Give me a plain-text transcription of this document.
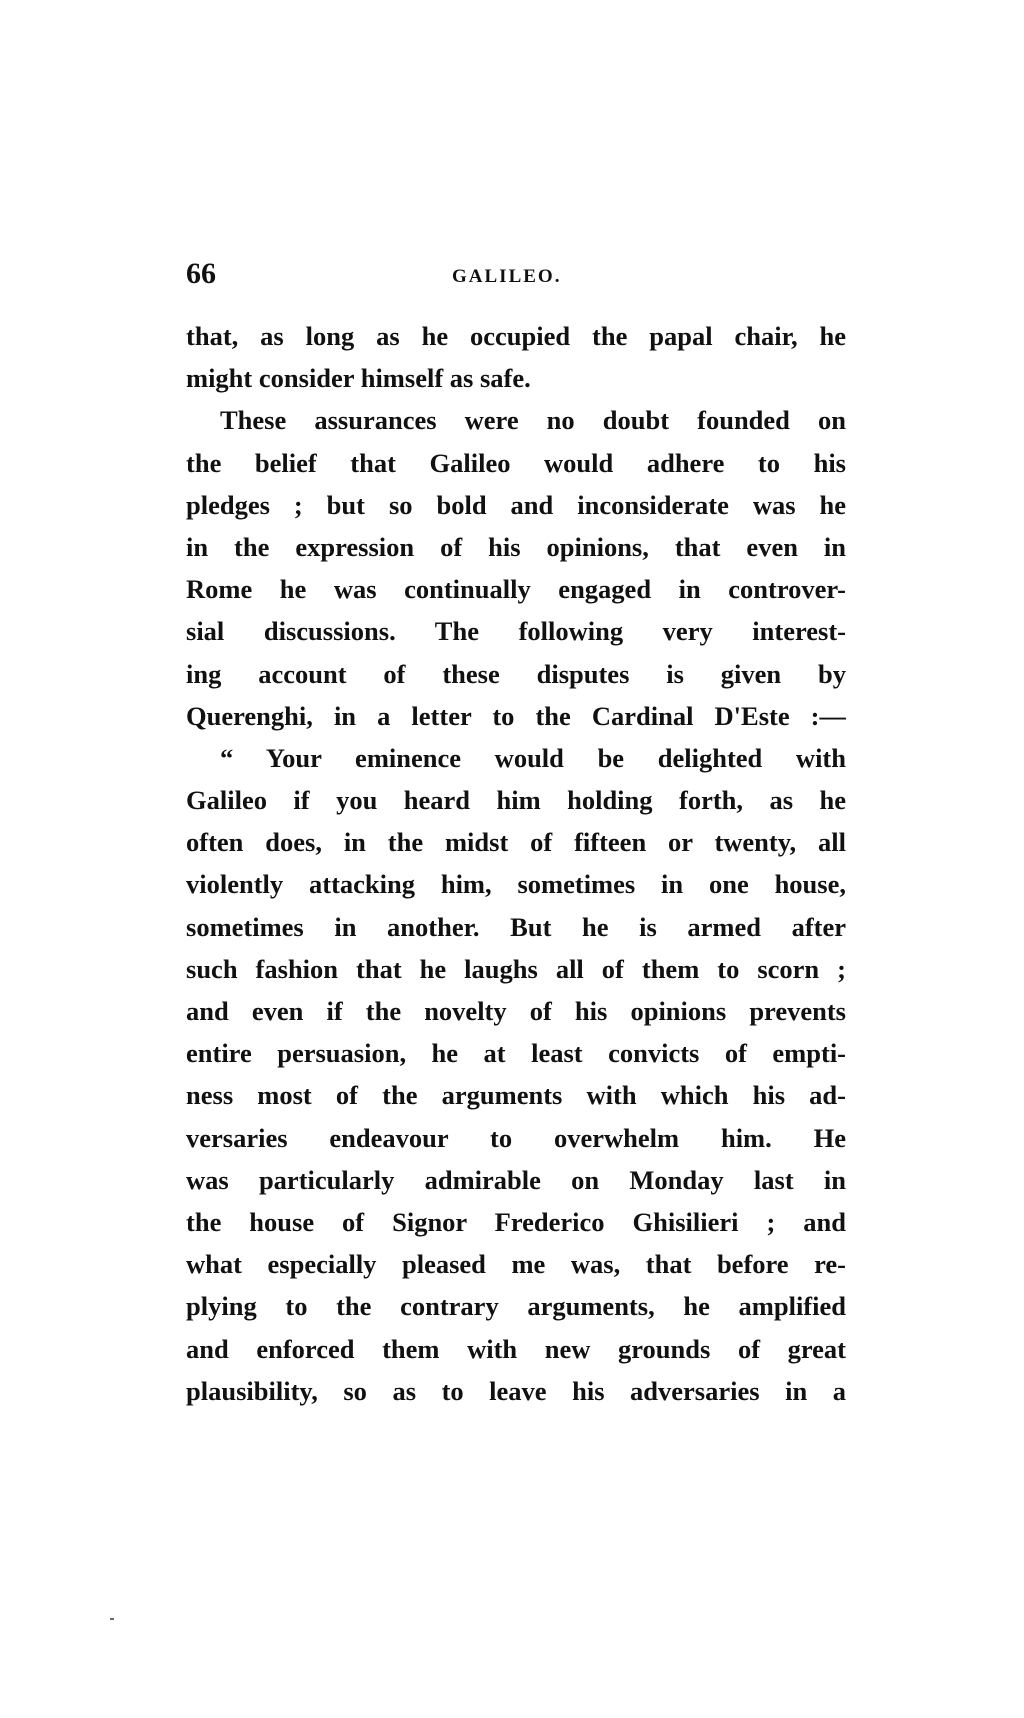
66	GALILEO.
that, as long as he occupied the papal chair, he
might consider himself as safe.
These assurances were no doubt founded on
the belief that Galileo would adhere to his
pledges ; but so bold and inconsiderate was he
in the expression of his opinions, that even in
Rome he was continually engaged in controver-
sial discussions. The following very interest-
ing account of these disputes is given by
Querenghi, in a letter to the Cardinal D'Este :—
“ Your eminence would be delighted with
Galileo if you heard him holding forth, as he
often does, in the midst of fifteen or twenty, all
violently attacking him, sometimes in one house,
sometimes in another. But he is armed after
such fashion that he laughs all of them to scorn ;
and even if the novelty of his opinions prevents
entire persuasion, he at least convicts of empti-
ness most of the arguments with which his ad-
versaries endeavour to overwhelm him. He
was particularly admirable on Monday last in
the house of Signor Frederico Ghisilieri ; and
what especially pleased me was, that before re-
plying to the contrary arguments, he amplified
and enforced them with new grounds of great
plausibility, so as to leave his adversaries in a
